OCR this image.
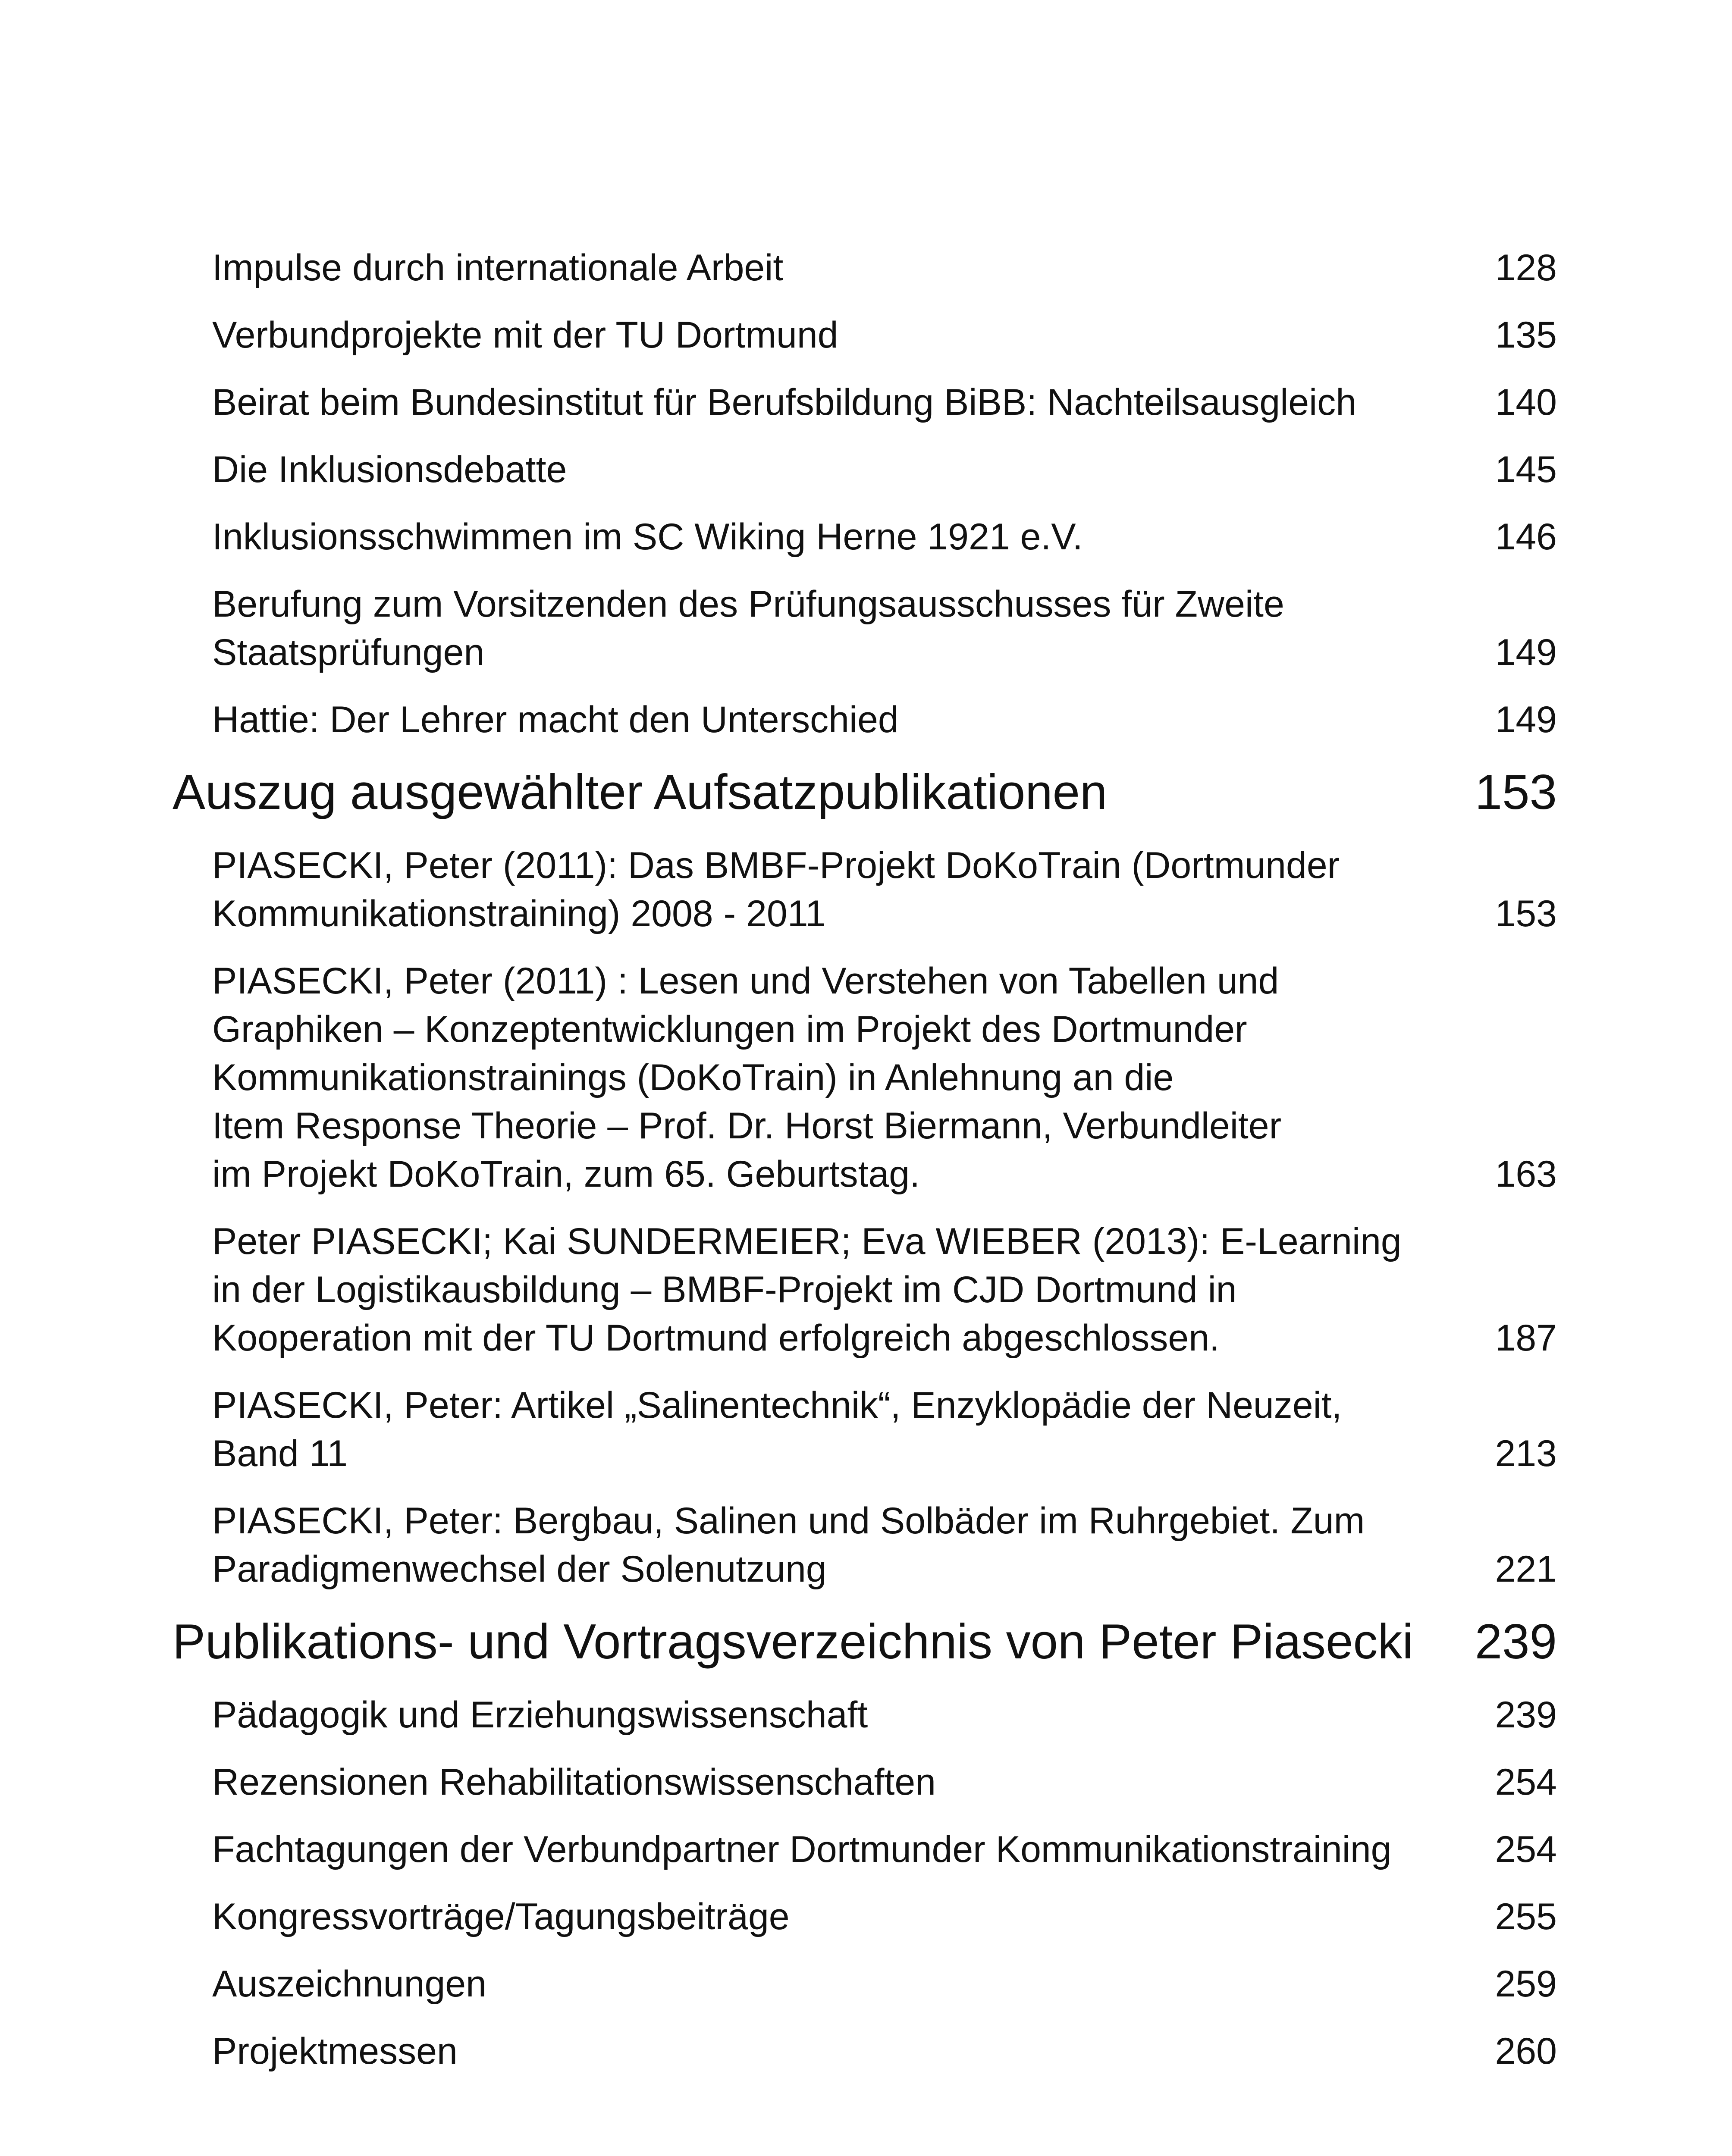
Impulse durch internationale Arbeit	128
Verbundprojekte mit der TU Dortmund	135
Beirat beim Bundesinstitut für Berufsbildung BiBB: Nachteilsausgleich	140
Die Inklusionsdebatte	145
Inklusionsschwimmen im SC Wiking Herne 1921 e.V.	146
Berufung zum Vorsitzenden des Prüfungsausschusses für Zweite
Staatsprüfungen	149
Hattie: Der Lehrer macht den Unterschied	149
Auszug ausgewählter Aufsatzpublikationen	153
PIASECKI, Peter (2011): Das BMBF-Projekt DoKoTrain (Dortmunder
Kommunikationstraining) 2008 - 2011	153
PIASECKI, Peter (2011) : Lesen und Verstehen von Tabellen und
Graphiken – Konzeptentwicklungen im Projekt des Dortmunder
Kommunikationstrainings (DoKoTrain) in Anlehnung an die
Item Response Theorie – Prof. Dr. Horst Biermann, Verbundleiter
im Projekt DoKoTrain, zum 65. Geburtstag.	163
Peter PIASECKI; Kai SUNDERMEIER; Eva WIEBER (2013): E-Learning
in der Logistikausbildung – BMBF-Projekt im CJD Dortmund in
Kooperation mit der TU Dortmund erfolgreich abgeschlossen.	187
PIASECKI, Peter: Artikel „Salinentechnik“, Enzyklopädie der Neuzeit,
Band 11	213
PIASECKI, Peter: Bergbau, Salinen und Solbäder im Ruhrgebiet. Zum
Paradigmenwechsel der Solenutzung	221
Publikations- und Vortragsverzeichnis von Peter Piasecki 239
Pädagogik und Erziehungswissenschaft	239
Rezensionen Rehabilitationswissenschaften	254
Fachtagungen der Verbundpartner Dortmunder Kommunikationstraining	254
Kongressvorträge/Tagungsbeiträge	255
Auszeichnungen	259
Projektmessen	260
